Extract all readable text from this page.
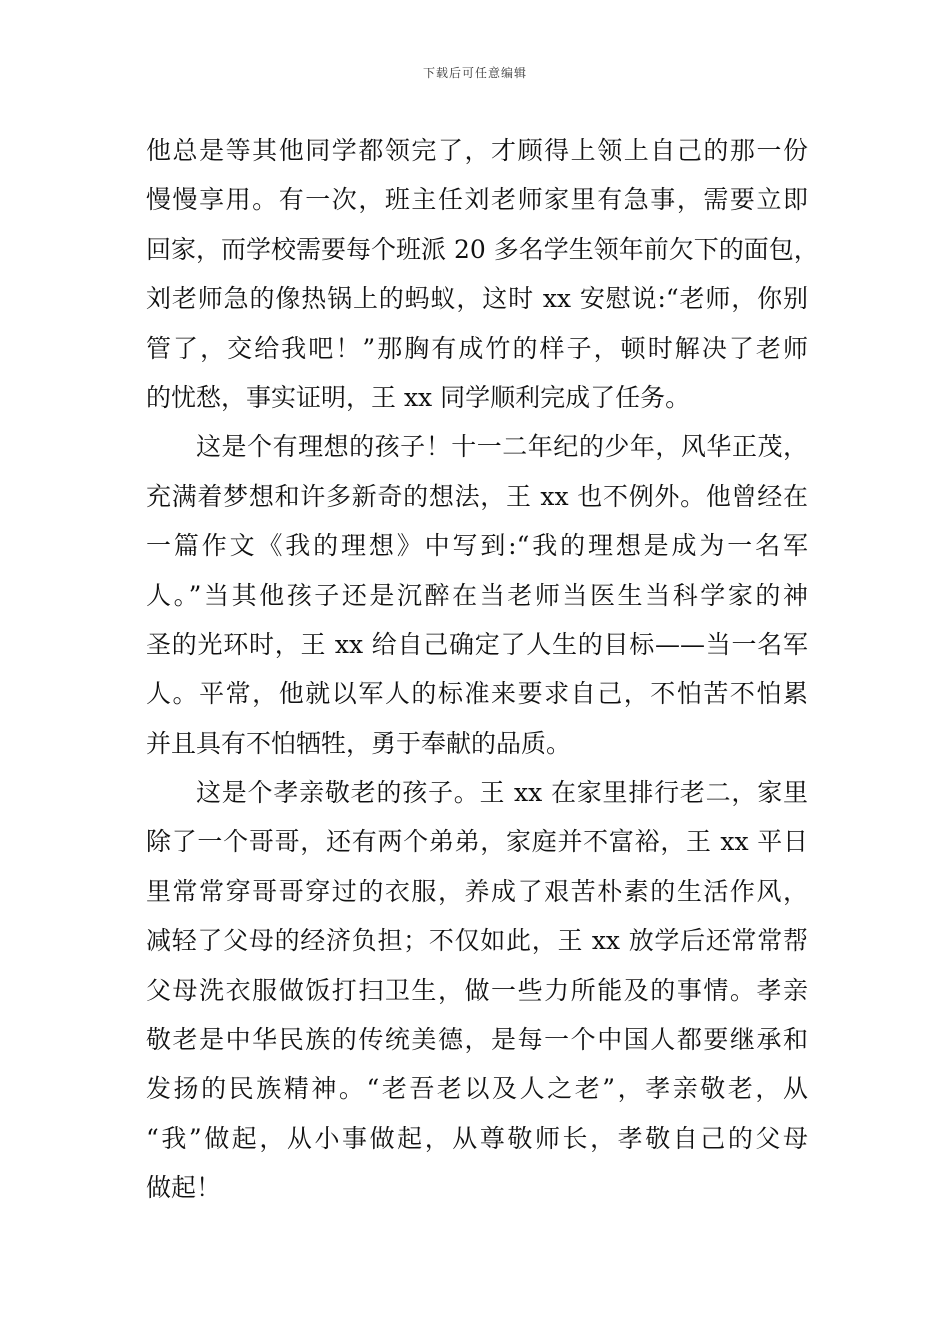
下载后可任意编辑
他总是等其他同学都领完了，才顾得上领上自己的那一份
慢慢享用。有一次，班主任刘老师家里有急事，需要立即
回家，而学校需要每个班派 20 多名学生领年前欠下的面包，
刘老师急的像热锅上的蚂蚁，这时 xx 安慰说:“老师，你别
管了，交给我吧！”那胸有成竹的样子，顿时解决了老师
的忧愁，事实证明，王 xx 同学顺利完成了任务。
这是个有理想的孩子！十一二年纪的少年，风华正茂，
充满着梦想和许多新奇的想法，王 xx 也不例外。他曾经在
一篇作文《我的理想》中写到:“我的理想是成为一名军
人。”当其他孩子还是沉醉在当老师当医生当科学家的神
圣的光环时，王 xx 给自己确定了人生的目标——当一名军
人。平常，他就以军人的标准来要求自己，不怕苦不怕累
并且具有不怕牺牲，勇于奉献的品质。
这是个孝亲敬老的孩子。王 xx 在家里排行老二，家里
除了一个哥哥，还有两个弟弟，家庭并不富裕，王 xx 平日
里常常穿哥哥穿过的衣服，养成了艰苦朴素的生活作风，
减轻了父母的经济负担；不仅如此，王 xx 放学后还常常帮
父母洗衣服做饭打扫卫生，做一些力所能及的事情。孝亲
敬老是中华民族的传统美德，是每一个中国人都要继承和
发扬的民族精神。“老吾老以及人之老”，孝亲敬老，从
“我”做起，从小事做起，从尊敬师长，孝敬自己的父母
做起！
